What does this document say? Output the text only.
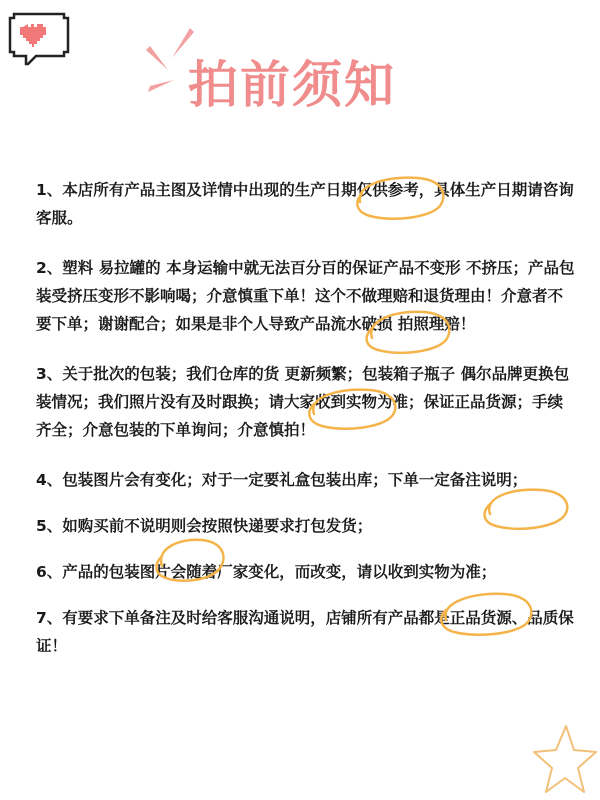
拍前须知

1、本店所有产品主图及详情中出现的生产日期仅供参考，具体生产日期请咨询客服。

2、塑料 易拉罐的 本身运输中就无法百分百的保证产品不变形 不挤压；产品包装受挤压变形不影响喝；介意慎重下单！这个不做理赔和退货理由！介意者不要下单；谢谢配合；如果是非个人导致产品流水破损 拍照理赔！

3、关于批次的包装；我们仓库的货 更新频繁；包装箱子瓶子 偶尔品牌更换包装情况；我们照片没有及时跟换；请大家收到实物为准；保证正品货源；手续齐全；介意包装的下单询问；介意慎拍！

4、包装图片会有变化；对于一定要礼盒包装出库；下单一定备注说明；

5、如购买前不说明则会按照快递要求打包发货；

6、产品的包装图片会随着厂家变化，而改变，请以收到实物为准；

7、有要求下单备注及时给客服沟通说明，店铺所有产品都是正品货源、品质保证！
